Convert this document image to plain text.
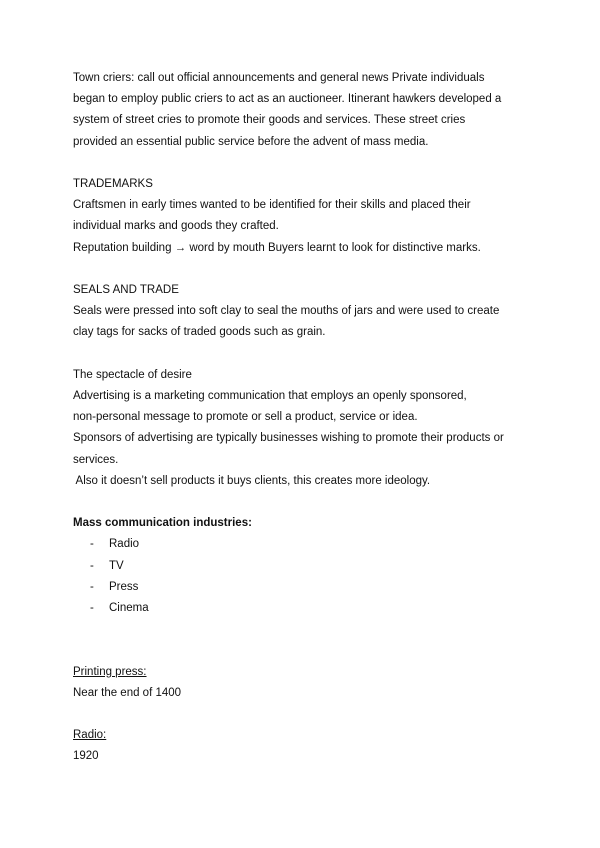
Town criers: call out official announcements and general news Private individuals
began to employ public criers to act as an auctioneer. Itinerant hawkers developed a
system of street cries to promote their goods and services. These street cries
provided an essential public service before the advent of mass media.
TRADEMARKS
Craftsmen in early times wanted to be identified for their skills and placed their
individual marks and goods they crafted.
Reputation building → word by mouth Buyers learnt to look for distinctive marks.
SEALS AND TRADE
Seals were pressed into soft clay to seal the mouths of jars and were used to create
clay tags for sacks of traded goods such as grain.
The spectacle of desire
Advertising is a marketing communication that employs an openly sponsored,
non-personal message to promote or sell a product, service or idea.
Sponsors of advertising are typically businesses wishing to promote their products or
services.
Also it doesn’t sell products it buys clients, this creates more ideology.
Mass communication industries:
- Radio
- TV
- Press
- Cinema
Printing press:
Near the end of 1400
Radio:
1920
